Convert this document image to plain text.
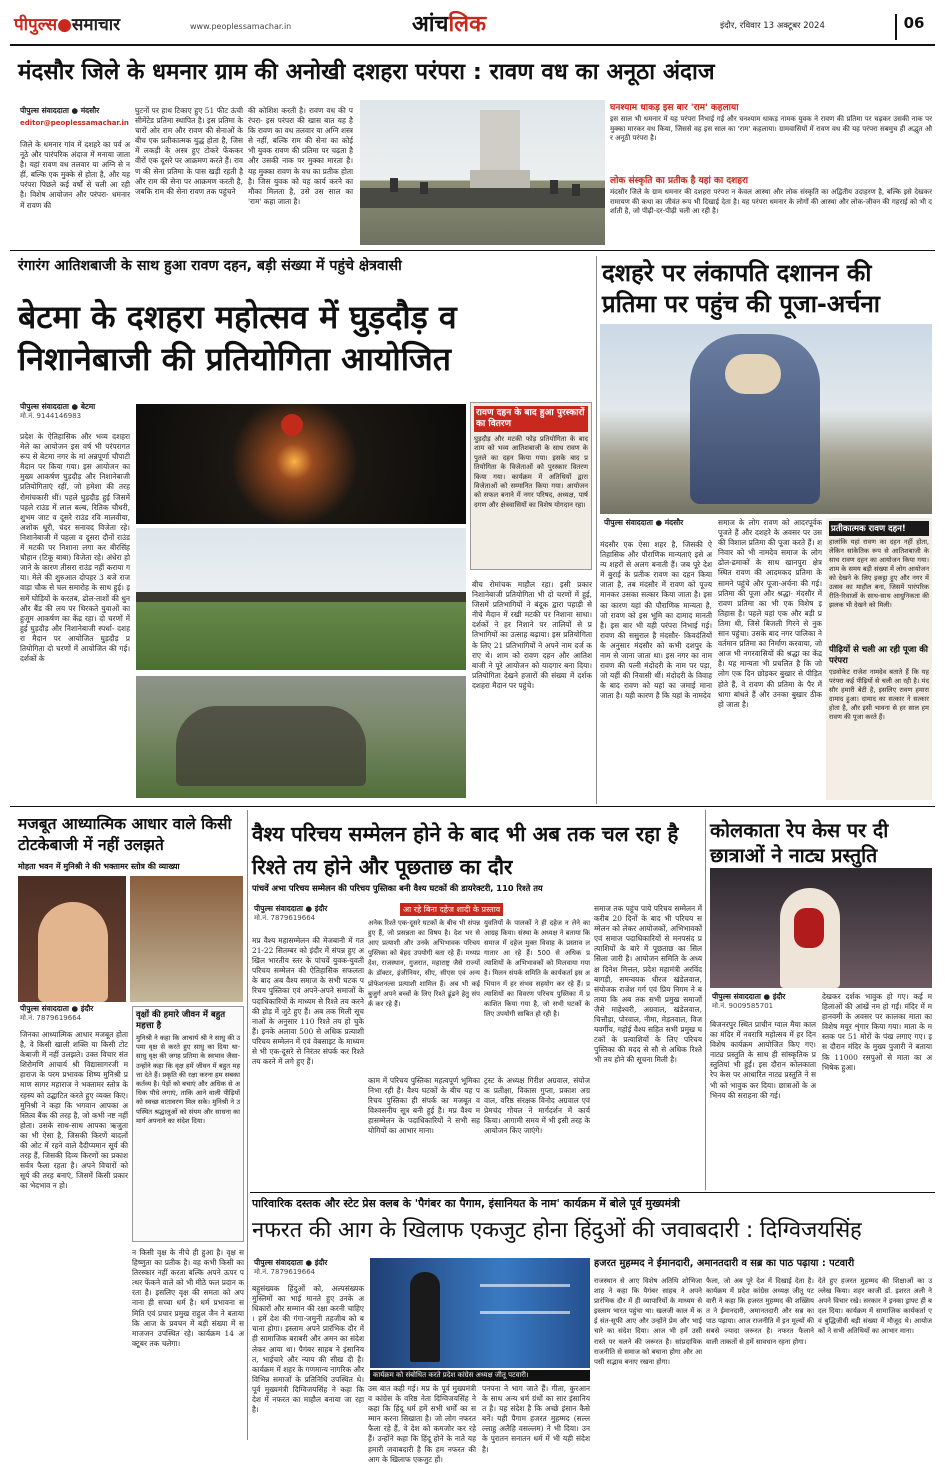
पीपुल्स●समाचार	www.peoplessamachar.in	आंचलिक	इंदौर, रविवार 13 अक्टूबर 2024	06
मंदसौर जिले के धमनार ग्राम की अनोखी दशहरा परंपरा : रावण वध का अनूठा अंदाज
पीपुल्स संवाददाता ● मंदसौर
editor@peoplessamachar.in
जिले के धमनार गांव में दशहरे का पर्व अनूठे और पारंपरिक अंदाज में मनाया जाता है। यहां रावण वध तलवार या अग्नि से नहीं, बल्कि एक मुक्के से होता है, और यह परंपरा पिछले कई वर्षों से चली आ रही है। विशेष आयोजन और परंपरा- धमनार में रावण की
घुटनों पर हाथ टिकाए हुए 51 फीट ऊंची सीमेंटेड प्रतिमा स्थापित है। इस प्रतिमा के चारों ओर राम और रावण की सेनाओं के बीच एक प्रतीकात्मक युद्ध होता है, जिसमें लकड़ी के अस्त्र हुए टोकरे फेंककर वीरों एक दूसरे पर आक्रमण करते हैं। रावण की सेना प्रतिमा के पास खड़ी रहती है और राम की सेना पर आक्रमण करती है, जबकि राम की सेना रावण तक पहुंचने
की कोशिश करती है। रावण वध की परंपरा- इस परंपरा की खास बात यह है कि रावण का वध तलवार या अग्नि शस्त्र से नहीं, बल्कि राम की सेना का कोई भी युवक रावण की प्रतिमा पर चढ़ता है और उसकी नाक पर मुक्का मारता है। यह मुक्का रावण के वध का प्रतीक होता है। जिस युवक को यह कार्य करने का मौका मिलता है, उसे उस साल का 'राम' कहा जाता है।
घनश्याम धाकड़ इस बार 'राम' कहलाया
इस साल भी धमनार में यह परंपरा निभाई गई और घनश्याम धाकड़ नामक युवक ने रावण की प्रतिमा पर चढ़कर उसकी नाक पर मुक्का मारकर वध किया, जिससे वह इस साल का 'राम' कहलाया। ग्रामवासियों में रावण वध की यह परंपरा सबमुच ही अद्भुत और अनूठी परंपरा है।
लोक संस्कृति का प्रतीक है यहां का दशहरा
मंदसौर जिले के ग्राम धमनार की दशहरा परंपरा न केवल आस्था और लोक संस्कृति का अद्वितीय उदाहरण है, बल्कि इसे देखकर रामायण की कथा का जीवंत रूप भी दिखाई देता है। यह परंपरा धमनार के लोगों की आस्था और लोक-जीवन की गहराई को भी दर्शाती है, जो पीढ़ी-दर-पीढ़ी चली आ रही है।
रंगारंग आतिशबाजी के साथ हुआ रावण दहन, बड़ी संख्या में पहुंचे क्षेत्रवासी
बेटमा के दशहरा महोत्सव में घुड़दौड़ व निशानेबाजी की प्रतियोगिता आयोजित
पीपुल्स संवाददाता ● बेटमा
मो.नं. 9144146983
प्रदेश के ऐतिहासिक और भव्य दशहरा मेले का आयोजन इस वर्ष भी परंपरागत रूप से बेटमा नगर के मां अन्नपूर्णा चौपाटी मैदान पर किया गया। इस आयोजन का मुख्य आकर्षण घुड़दौड़ और निशानेबाजी प्रतियोगिताएं रहीं, जो हमेशा की तरह रोमांचकारी थीं। पहले घुड़दौड़ हुई जिसमें पहले राउंड में लाल बल्ब, रितिक चौधरी, शुभम जाट व दूसरे राउंड रवि मालवीया, अशोक धूरी, चंदर सनावद विजेता रहे। निशानेबाजी में पहला व दूसरा दौनों राउंड में मटकी पर निशाना लगा कर बीरसिंह चौहान (टिकू बाबा) विजेता रहे। अंधेरा हो जाने के कारण तीसरा राउंड नहीं कराया गया। मेले की शुरुआत दोपहर 3 बजे राजवाड़ा चौक से चल समारोह के साथ हुई। इसमें घोड़ियों के करतब, ढोल-ताशों की धुन और बैंड की लय पर थिरकते युवाओं का हुजूम आकर्षण का केंद्र रहा। दो चरणों में हुई घुड़दौड़ और निशानेबाजी स्पर्धा- दशहरा मैदान पर आयोजित घुड़दौड़ प्रतियोगिता दो चरणों में आयोजित की गई। दर्शकों के
रावण दहन के बाद हुआ पुरस्कारों का वितरण
घुड़दौड़ और मटकी फोड़ प्रतियोगिता के बाद शाम को भव्य आतिशबाजी के साथ रावण के पुतले का दहन किया गया। इसके बाद प्रतियोगिता के विजेताओं को पुरस्कार वितरण किया गया। कार्यक्रम में अतिथियों द्वारा विजेताओं को सम्मानित किया गया। आयोजन को सफल बनाने में नगर परिषद, अध्यक्ष, पार्षदगण और क्षेत्रवासियों का विशेष योगदान रहा।
बीच रोमांचक माहौल रहा। इसी प्रकार निशानेबाजी प्रतियोगिता भी दो चरणों में हुई, जिसमें प्रतिभागियों ने बंदूक द्वारा पहाड़ी से नीचे मैदान में रखी मटकी पर निशाना साधा। दर्शकों ने हर निशाने पर तालियों से प्रतिभागियों का उत्साह बढ़ाया। इस प्रतियोगिता के लिए 21 प्रतिभागियों ने अपने नाम दर्ज कराए थे। शाम को रावण दहन और आतिशबाजी ने पूरे आयोजन को यादगार बना दिया। प्रतियोगिता देखने हजारों की संख्या में दर्शक दशहरा मैदान पर पहुंचे।
दशहरे पर लंकापति दशानन की प्रतिमा पर पहुंच की पूजा-अर्चना
पीपुल्स संवाददाता ● मंदसौर
मंदसौर एक ऐसा शहर है, जिसकी ऐतिहासिक और पौराणिक मान्यताएं इसे अन्य शहरों से अलग बनाती हैं। जब पूरे देश में बुराई के प्रतीक रावण का दहन किया जाता है, तब मंदसौर में रावण को पूज्य मानकर उसका सत्कार किया जाता है। इसका कारण यहां की पौराणिक मान्यता है, जो रावण को इस भूमि का दामाद मानती है। इस बार भी यही परंपरा निभाई गई। रावण की ससुराल है मंदसौर- किवदंतियों के अनुसार मंदसौर को कभी दशपुर के नाम से जाना जाता था। इस नगर का नाम रावण की पत्नी मंदोदरी के नाम पर पड़ा, जो यहीं की निवासी थीं। मंदोदरी के विवाह के बाद रावण को यहां का जमाई माना जाता है। यही कारण है कि यहां के नामदेव
समाज के लोग रावण को आदरपूर्वक पूजते हैं और दशहरे के अवसर पर उसकी विशाल प्रतिमा की पूजा करते हैं। शनिवार को भी नामदेव समाज के लोग ढोल-ढमाकों के साथ खानपुरा क्षेत्र स्थित रावण की आदमकद प्रतिमा के सामने पहुंचे और पूजा-अर्चना की गई। प्रतिमा की पूजा और श्रद्धा- मंदसौर में रावण प्रतिमा का भी एक विशेष इतिहास है। पहले यहां एक और बड़ी प्रतिमा थी, जिसे बिजली गिरने से नुकसान पहुंचा। उसके बाद नगर पालिका ने वर्तमान प्रतिमा का निर्माण करवाया, जो आज भी नगरवासियों की श्रद्धा का केंद्र है। यह मान्यता भी प्रचलित है कि जो लोग एक दिन छोड़कर बुखार से पीड़ित होते हैं, वे रावण की प्रतिमा के पैर में धागा बांधते हैं और उनका बुखार ठीक हो जाता है।
प्रतीकात्मक रावण दहन!
हालांकि यहां रावण का दहन नहीं होता, लेकिन सांकेतिक रूप से आतिशबाजी के साथ रावण दहन का आयोजन किया गया। शाम के समय बड़ी संख्या में लोग आयोजन को देखने के लिए इकट्ठा हुए और नगर में उत्सव का माहौल बना, जिसमें पारंपरिक रीति-रिवाजों के साथ-साथ आधुनिकता की झलक भी देखने को मिली।
पीढ़ियों से चली आ रही पूजा की परंपरा
एडवोकेट राजेश नामदेव बताते हैं कि यह परंपरा कई पीढ़ियों से चली आ रही है। मंदसौर हमारी बेटी है, इसलिए रावण हमारा दामाद हुआ। दामाद का सत्कार ने सत्कार होता है, और इसी भावना से हर साल हम रावण की पूजा करते हैं।
मजबूत आध्यात्मिक आधार वाले किसी टोटकेबाजी में नहीं उलझते
मोहता भवन में मुनिश्री ने की भक्तामर स्तोत्र की व्याख्या
पीपुल्स संवाददाता ● इंदौर
मो.नं. 7879619664
जिनका आध्यात्मिक आधार मजबूत होता है, वे किसी खाली शक्ति या किसी टोटकेबाजी में नहीं उलझते। उक्त विचार संत शिरोमणि आचार्य श्री विद्यासागरजी महाराज के परम प्रभावक शिष्य मुनिश्री प्रमाण सागर महाराज ने भक्तामर स्तोत्र के रहस्य को उद्घाटित करते हुए व्यक्त किए। मुनिश्री ने कहा कि भगवान आपका अस्तित्व बैंक की तरह है, जो कभी नष्ट नहीं होता। उसके साथ-साथ आपका ऋजुता का भी ऐसा है, जिसकी किरणें बादलों की ओट में रहने वाले दैदीप्यमान सूर्य की तरह हैं, जिसकी दिव्य किरणों का प्रकाश सर्वत्र फैला रहता है। अपने विचारों को सूर्य की तरह बनाएं, जिसमें किसी प्रकार का भेदभाव न हो।
वृक्षों की हमारे जीवन में बहुत महत्ता है
मुनिश्री ने कहा कि आचार्य श्री ने साधु की उपमा वृक्ष से करते हुए साधु का दिया था- साधु वृक्ष की जगह प्रतिमा के स्वभाव जैसा- उन्होंने कहा कि वृक्ष हमें जीवन में बहुत महत्ता देते हैं। प्रकृति की रक्षा करना हम सबका कर्तव्य है। पेड़ों को बचाएं और अधिक से अधिक पौधे लगाएं, ताकि आने वाली पीढ़ियों को स्वच्छ वातावरण मिल सके। मुनिश्री ने उपस्थित श्रद्धालुओं को संयम और साधना का मार्ग अपनाने का संदेश दिया।
न किसी वृक्ष के नीचे ही हुआ है। वृक्ष सहिष्णुता का प्रतीक है। वह कभी किसी का तिरस्कार नहीं करता बल्कि अपने ऊपर पत्थर फेंकने वाले को भी मीठे फल प्रदान करता है। इसलिए वृक्ष की समता को अपनाना ही सच्चा धर्म है। धर्म प्रभावना समिति एवं प्रचार प्रमुख राहुल जैन ने बताया कि आज के प्रवचन में बड़ी संख्या में समाजजन उपस्थित रहे। कार्यक्रम 14 अक्टूबर तक चलेगा।
वैश्य परिचय सम्मेलन होने के बाद भी अब तक चल रहा है रिश्ते तय होने और पूछताछ का दौर
पांचवें अभा परिचय सम्मेलन की परिचय पुस्तिका बनी वैश्य घटकों की डायरेक्टरी, 110 रिश्ते तय
पीपुल्स संवाददाता ● इंदौर
मो.नं. 7879619664
आ रहे बिना दहेज शादी के प्रस्ताव
मप्र वैश्य महासम्मेलन की मेजबानी में गत 21-22 सितम्बर को इंदौर में संपन्न हुए अखिल भारतीय स्तर के पांचवें युवक-युवती परिचय सम्मेलन की ऐतिहासिक सफलता के बाद अब वैश्य समाज के सभी घटक परिचय पुस्तिका एवं अपने-अपने समाजों के पदाधिकारियों के माध्यम से रिश्ते तय करने की होड़ में जुटे हुए हैं। अब तक मिली सूचनाओं के अनुसार 110 रिश्ते तय हो चुके हैं। इनके अलावा 500 से अधिक प्रत्याशी परिचय सम्मेलन में एवं वेबसाइट के माध्यम से भी एक-दूसरे से निरंतर संपर्क कर रिश्ते तय करने में लगे हुए हैं।
अनेक रिश्ते एक-दूसरे घटकों के बीच भी संपन्न हुए हैं, जो प्रसन्नता का विषय है। देश भर से आए प्रत्याशी और उनके अभिभावक परिचय पुस्तिका को बेहद उपयोगी बता रहे हैं। मध्यप्रदेश, राजस्थान, गुजरात, महाराष्ट्र जैसे राज्यों के डॉक्टर, इंजीनियर, सीए, सीएस एवं अन्य प्रोफेशनल्स प्रत्याशी शामिल हैं। अब भी कई बुजुर्ग अपने बच्चों के लिए रिश्ते ढूंढने हेतु संपर्क कर रहे हैं।
युवतियों के पालकों ने ही दहेज न लेने का आग्रह किया। संस्था के अध्यक्ष ने बताया कि समाज में दहेज मुक्त विवाह के प्रस्ताव लगातार आ रहे हैं। 500 से अधिक प्रत्याशियों के अभिभावकों को मिलवाया गया है। मिलन संपर्क समिति के कार्यकर्ता इस अभियान में हर संभव सहयोग कर रहे हैं। प्रत्याशियों का विवरण परिचय पुस्तिका में प्रकाशित किया गया है, जो सभी घटकों के लिए उपयोगी साबित हो रही है।
काम में परिचय पुस्तिका महत्वपूर्ण भूमिका निभा रही है। वैश्य घटकों के बीच यह परिचय पुस्तिका ही संपर्क का मजबूत व विश्वसनीय सूत्र बनी हुई है। मप्र वैश्य महासम्मेलन के पदाधिकारियों ने सभी सहयोगियों का आभार माना।
ट्रस्ट के अध्यक्ष गिरीश अग्रवाल, संयोजक प्रतीक्षा, विकास गुप्ता, प्रकाश अग्रवाल, वरिष्ठ संरक्षक विनोद अग्रवाल एवं प्रेमचंद गोयल ने मार्गदर्शन में कार्य किया। आगामी समय में भी इसी तरह के आयोजन किए जाएंगे।
समाज तक पहुंच पाये परिचय सम्मेलन में करीब 20 दिनों के बाद भी परिचय सम्मेलन को लेकर आयोजकों, अभिभावकों एवं समाज पदाधिकारियों से मनपसंद प्रत्याशियों के बारे में पूछताछ का सिलसिला जारी है। आयोजन समिति के अध्यक्ष दिनेश मित्तल, प्रदेश महामंत्री अरविंद बागड़ी, समन्वयक धीरज खंडेलवाल, संयोजक राजेश गर्ग एवं प्रिय निगम ने बताया कि अब तक सभी प्रमुख समाजों जैसे माहेश्वरी, अग्रवाल, खंडेलवाल, चित्तौड़ा, पोरवाल, नीमा, मेड़तवाल, विजयवर्गीय, गहोई वैश्य सहित सभी प्रमुख घटकों के प्रत्याशियों के लिए परिचय पुस्तिका की मदद से सौ से अधिक रिश्ते भी तय होने की सूचना मिली है।
कोलकाता रेप केस पर दी छात्राओं ने नाट्य प्रस्तुति
पीपुल्स संवाददाता ● इंदौर
मो.नं. 9009585701
बिजनरपुर स्थित प्राचीन ग्वाल मैया कालका मंदिर में नवरात्रि महोत्सव में हर दिन विशेष कार्यक्रम आयोजित किए गए। नाट्य प्रस्तुति के साथ ही सांस्कृतिक प्रस्तुतियां भी हुईं। इस दौरान कोलकाता रेप केस पर आधारित नाट्य प्रस्तुति ने सभी को भावुक कर दिया। छात्राओं के अभिनय की सराहना की गई।
देखकर दर्शक भावुक हो गए। कई महिलाओं की आंखें नम हो गईं। मंदिर में महानवमी के अवसर पर कालका माता का विशेष मयूर शृंगार किया गया। माता के मस्तक पर 51 मोरों के पंख लगाए गए। इस दौरान मंदिर के मुख्य पुजारी ने बताया कि 11000 रसपुओं से माता का अभिषेक हुआ।
पारिवारिक दस्तक और स्टेट प्रेस क्लब के 'पैगंबर का पैगाम, इंसानियत के नाम' कार्यक्रम में बोले पूर्व मुख्यमंत्री
नफरत की आग के खिलाफ एकजुट होना हिंदुओं की जवाबदारी : दिग्विजयसिंह
पीपुल्स संवाददाता ● इंदौर
मो.नं. 7879619664
बहुसंख्यक हिंदुओं को, अल्पसंख्यक मुस्लिमों का भाई मानते हुए उनके अधिकारों और सम्मान की रक्षा करनी चाहिए। हमें देश की गंगा-जमुनी तहजीब को बचाना होगा। इस्लाम अपने प्रारंभिक दौर में ही सामाजिक बराबरी और अमन का संदेश लेकर आया था। पैगंबर साहब ने इंसानियत, भाईचारे और न्याय की सीख दी है। कार्यक्रम में शहर के गणमान्य नागरिक और विभिन्न समाजों के प्रतिनिधि उपस्थित थे। पूर्व मुख्यमंत्री दिग्विजयसिंह ने कहा कि देश में नफरत का माहौल बनाया जा रहा है।
कार्यक्रम को संबोधित करते प्रदेश कांग्रेस अध्यक्ष जीतू पटवारी।
उस बात कही गई। मप्र के पूर्व मुख्यमंत्री व कांग्रेस के वरिष्ठ नेता दिग्विजयसिंह ने कहा कि हिंदू धर्म हमें सभी धर्मों का सम्मान करना सिखाता है। जो लोग नफरत फैला रहे हैं, वे देश को कमजोर कर रहे हैं। उन्होंने कहा कि हिंदू होने के नाते यह हमारी जवाबदारी है कि हम नफरत की आग के खिलाफ एकजुट हों।
पनपना ने भाग जाते हैं। गीता, कुरआन के साथ अन्य धर्म ग्रंथों का सार इंसानियत है। यह संदेश है कि अच्छे इंसान कैसे बनें। यही पैगाम हजरत मुहम्मद (सल्लल्लाहु अलैहि वसल्लम) ने भी दिया। उनके पुरातन सनातन धर्म में भी यही संदेश है।
हजरत मुहम्मद ने ईमानदारी, अमानतदारी व सब्र का पाठ पढ़ाया : पटवारी
राजस्थान से आए विशेष अतिथि शोभिजा शाह ने कहा कि पैगंबर साहब ने अपने प्रारंभिक दौर में ही व्यापारियों के माध्यम से इस्लाम भारत पहुंचा था। खलजी काल में कई संत-सूफी आए और उन्होंने प्रेम और भाईचारे का संदेश दिया। आज भी हमें उसी रास्ते पर चलने की जरूरत है। सांप्रदायिक राजनीति से समाज को बचाना होगा और आपसी सद्भाव बनाए रखना होगा।
फैला, जो अब पूरे देश में दिखाई देता है। कार्यक्रम में प्रदेश कांग्रेस अध्यक्ष जीतू पटवारी ने कहा कि हजरत मुहम्मद की शख्सियत ने ईमानदारी, अमानतदारी और सब्र का पाठ पढ़ाया। आज राजनीति में इन मूल्यों की सबसे ज्यादा जरूरत है। नफरत फैलाने वाली ताकतों से हमें सावधान रहना होगा।
देते हुए हजरत मुहम्मद की शिक्षाओं का उल्लेख किया। शहर काजी डॉ. इशरत अली ने अपने विचार रखे। सरकार ने इनका ड्राफ्ट ही बदल दिया। कार्यक्रम में सामाजिक कार्यकर्ता एवं बुद्धिजीवी बड़ी संख्या में मौजूद थे। आयोजकों ने सभी अतिथियों का आभार माना।
